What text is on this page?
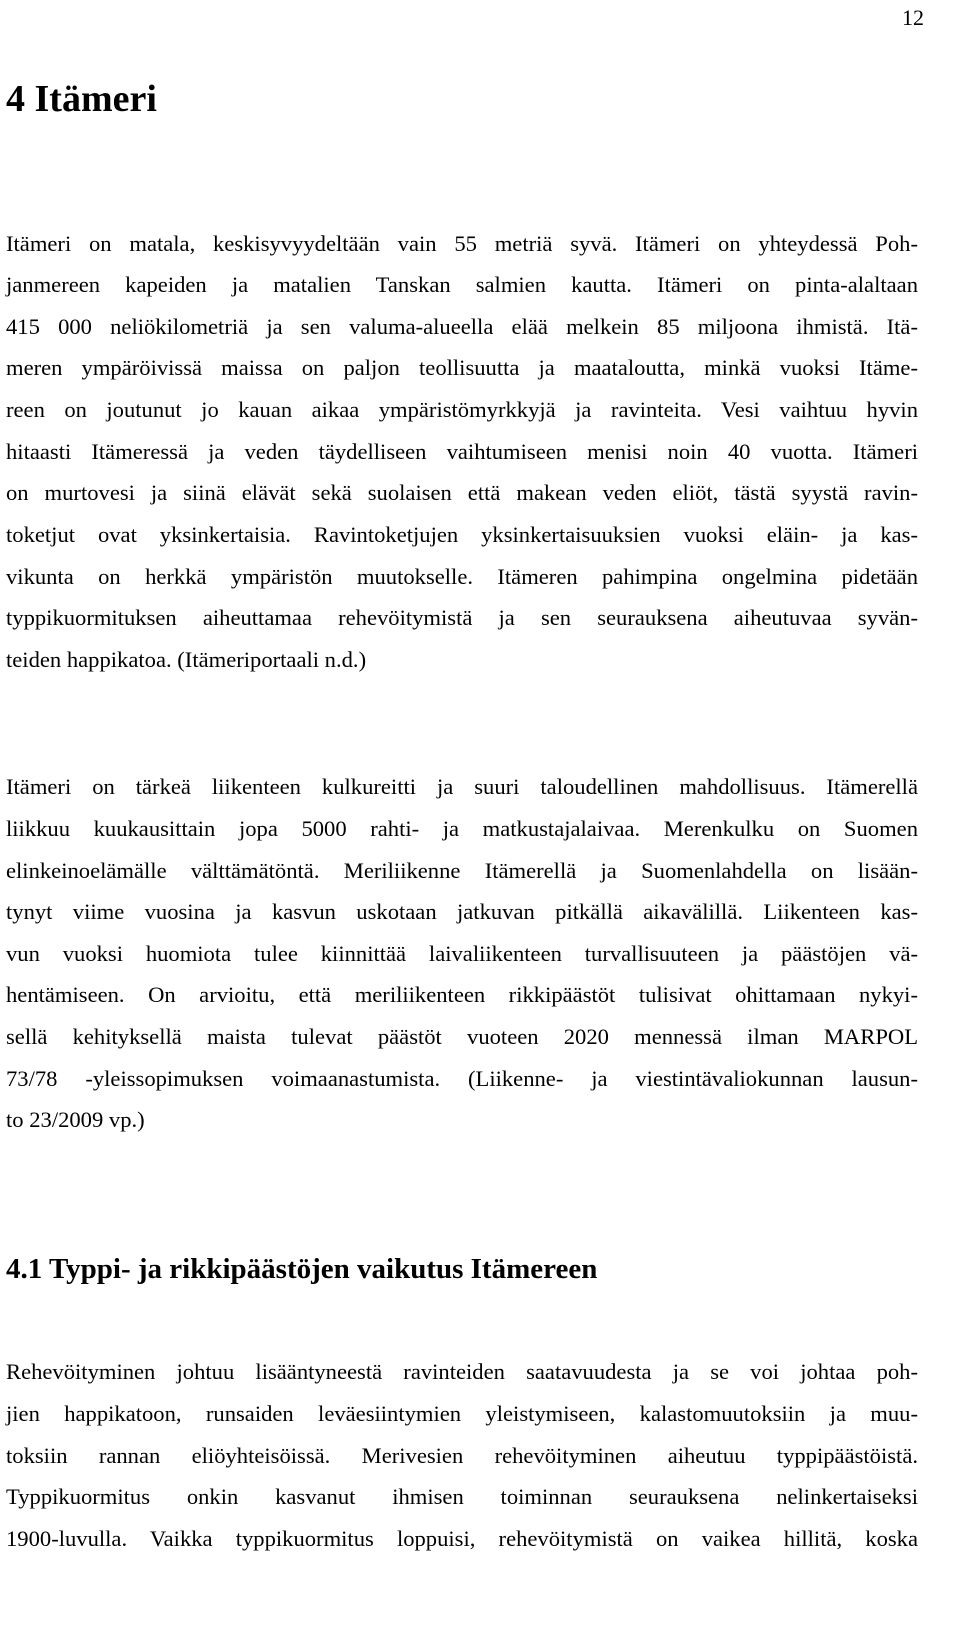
12
4 Itämeri
Itämeri on matala, keskisyvyydeltään vain 55 metriä syvä. Itämeri on yhteydessä Poh-
janmereen kapeiden ja matalien Tanskan salmien kautta. Itämeri on pinta-alaltaan
415 000 neliökilometriä ja sen valuma-alueella elää melkein 85 miljoona ihmistä. Itä-
meren ympäröivissä maissa on paljon teollisuutta ja maataloutta, minkä vuoksi Itäme-
reen on joutunut jo kauan aikaa ympäristömyrkkyjä ja ravinteita. Vesi vaihtuu hyvin
hitaasti Itämeressä ja veden täydelliseen vaihtumiseen menisi noin 40 vuotta. Itämeri
on murtovesi ja siinä elävät sekä suolaisen että makean veden eliöt, tästä syystä ravin-
toketjut ovat yksinkertaisia. Ravintoketjujen yksinkertaisuuksien vuoksi eläin- ja kas-
vikunta on herkkä ympäristön muutokselle. Itämeren pahimpina ongelmina pidetään
typpikuormituksen aiheuttamaa rehevöitymistä ja sen seurauksena aiheutuvaa syvän-
teiden happikatoa. (Itämeriportaali n.d.)
Itämeri on tärkeä liikenteen kulkureitti ja suuri taloudellinen mahdollisuus. Itämerellä
liikkuu kuukausittain jopa 5000 rahti- ja matkustajalaivaa. Merenkulku on Suomen
elinkeinoelämälle välttämätöntä. Meriliikenne Itämerellä ja Suomenlahdella on lisään-
tynyt viime vuosina ja kasvun uskotaan jatkuvan pitkällä aikavälillä. Liikenteen kas-
vun vuoksi huomiota tulee kiinnittää laivaliikenteen turvallisuuteen ja päästöjen vä-
hentämiseen. On arvioitu, että meriliikenteen rikkipäästöt tulisivat ohittamaan nykyi-
sellä kehityksellä maista tulevat päästöt vuoteen 2020 mennessä ilman MARPOL
73/78 -yleissopimuksen voimaanastumista. (Liikenne- ja viestintävaliokunnan lausun-
to 23/2009 vp.)
4.1 Typpi- ja rikkipäästöjen vaikutus Itämereen
Rehevöityminen johtuu lisääntyneestä ravinteiden saatavuudesta ja se voi johtaa poh-
jien happikatoon, runsaiden leväesiintymien yleistymiseen, kalastomuutoksiin ja muu-
toksiin rannan eliöyhteisöissä. Merivesien rehevöityminen aiheutuu typpipäästöistä.
Typpikuormitus onkin kasvanut ihmisen toiminnan seurauksena nelinkertaiseksi
1900-luvulla. Vaikka typpikuormitus loppuisi, rehevöitymistä on vaikea hillitä, koska
